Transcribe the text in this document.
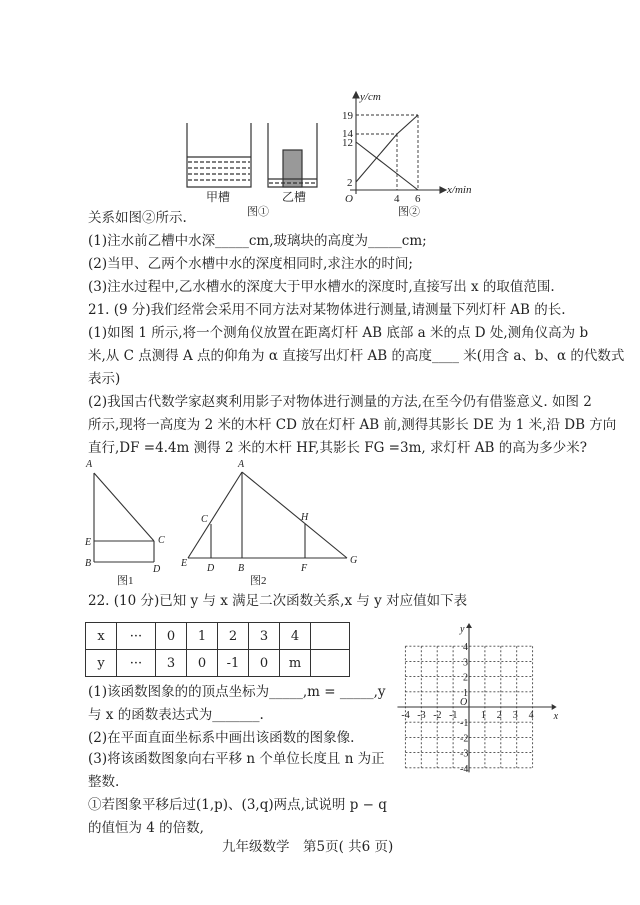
甲槽	乙槽
图①	图②
y/cm
x/min
O
19
14
12
2
4 6
A
E	C
B
D
图1
A
C	H
E D B	F
G
图2
-4 -3 -2 -1 1 2 3 4
4
3
2
1
-1
-2
-3
-4
y
x
O
关系如图②所示.
(1)注水前乙槽中水深_____cm,玻璃块的高度为_____cm;
(2)当甲、乙两个水槽中水的深度相同时,求注水的时间;
(3)注水过程中,乙水槽水的深度大于甲水槽水的深度时,直接写出 x 的取值范围.
21. (9 分)我们经常会采用不同方法对某物体进行测量,请测量下列灯杆 AB 的长.
(1)如图 1 所示,将一个测角仪放置在距离灯杆 AB 底部 a 米的点 D 处,测角仪高为 b
米,从 C 点测得 A 点的仰角为 α 直接写出灯杆 AB 的高度____ 米(用含 a、b、α 的代数式
表示)
(2)我国古代数学家赵爽利用影子对物体进行测量的方法,在至今仍有借鉴意义. 如图 2
所示,现将一高度为 2 米的木杆 CD 放在灯杆 AB 前,测得其影长 DE 为 1 米,沿 DB 方向
直行,DF =4.4m 测得 2 米的木杆 HF,其影长 FG =3m, 求灯杆 AB 的高为多少米?
22. (10 分)已知 y 与 x 满足二次函数关系,x 与 y 对应值如下表
x	···	0	1	2	3	4	
y	···	3	0	-1	0	m	
(1)该函数图象的的顶点坐标为_____,m = _____,y
与 x 的函数表达式为_______.
(2)在平面直面坐标系中画出该函数的图象像.
(3)将该函数图象向右平移 n 个单位长度且 n 为正
整数.
①若图象平移后过(1,p)、(3,q)两点,试说明 p − q
的值恒为 4 的倍数,
九年级数学　第5页( 共6 页)
